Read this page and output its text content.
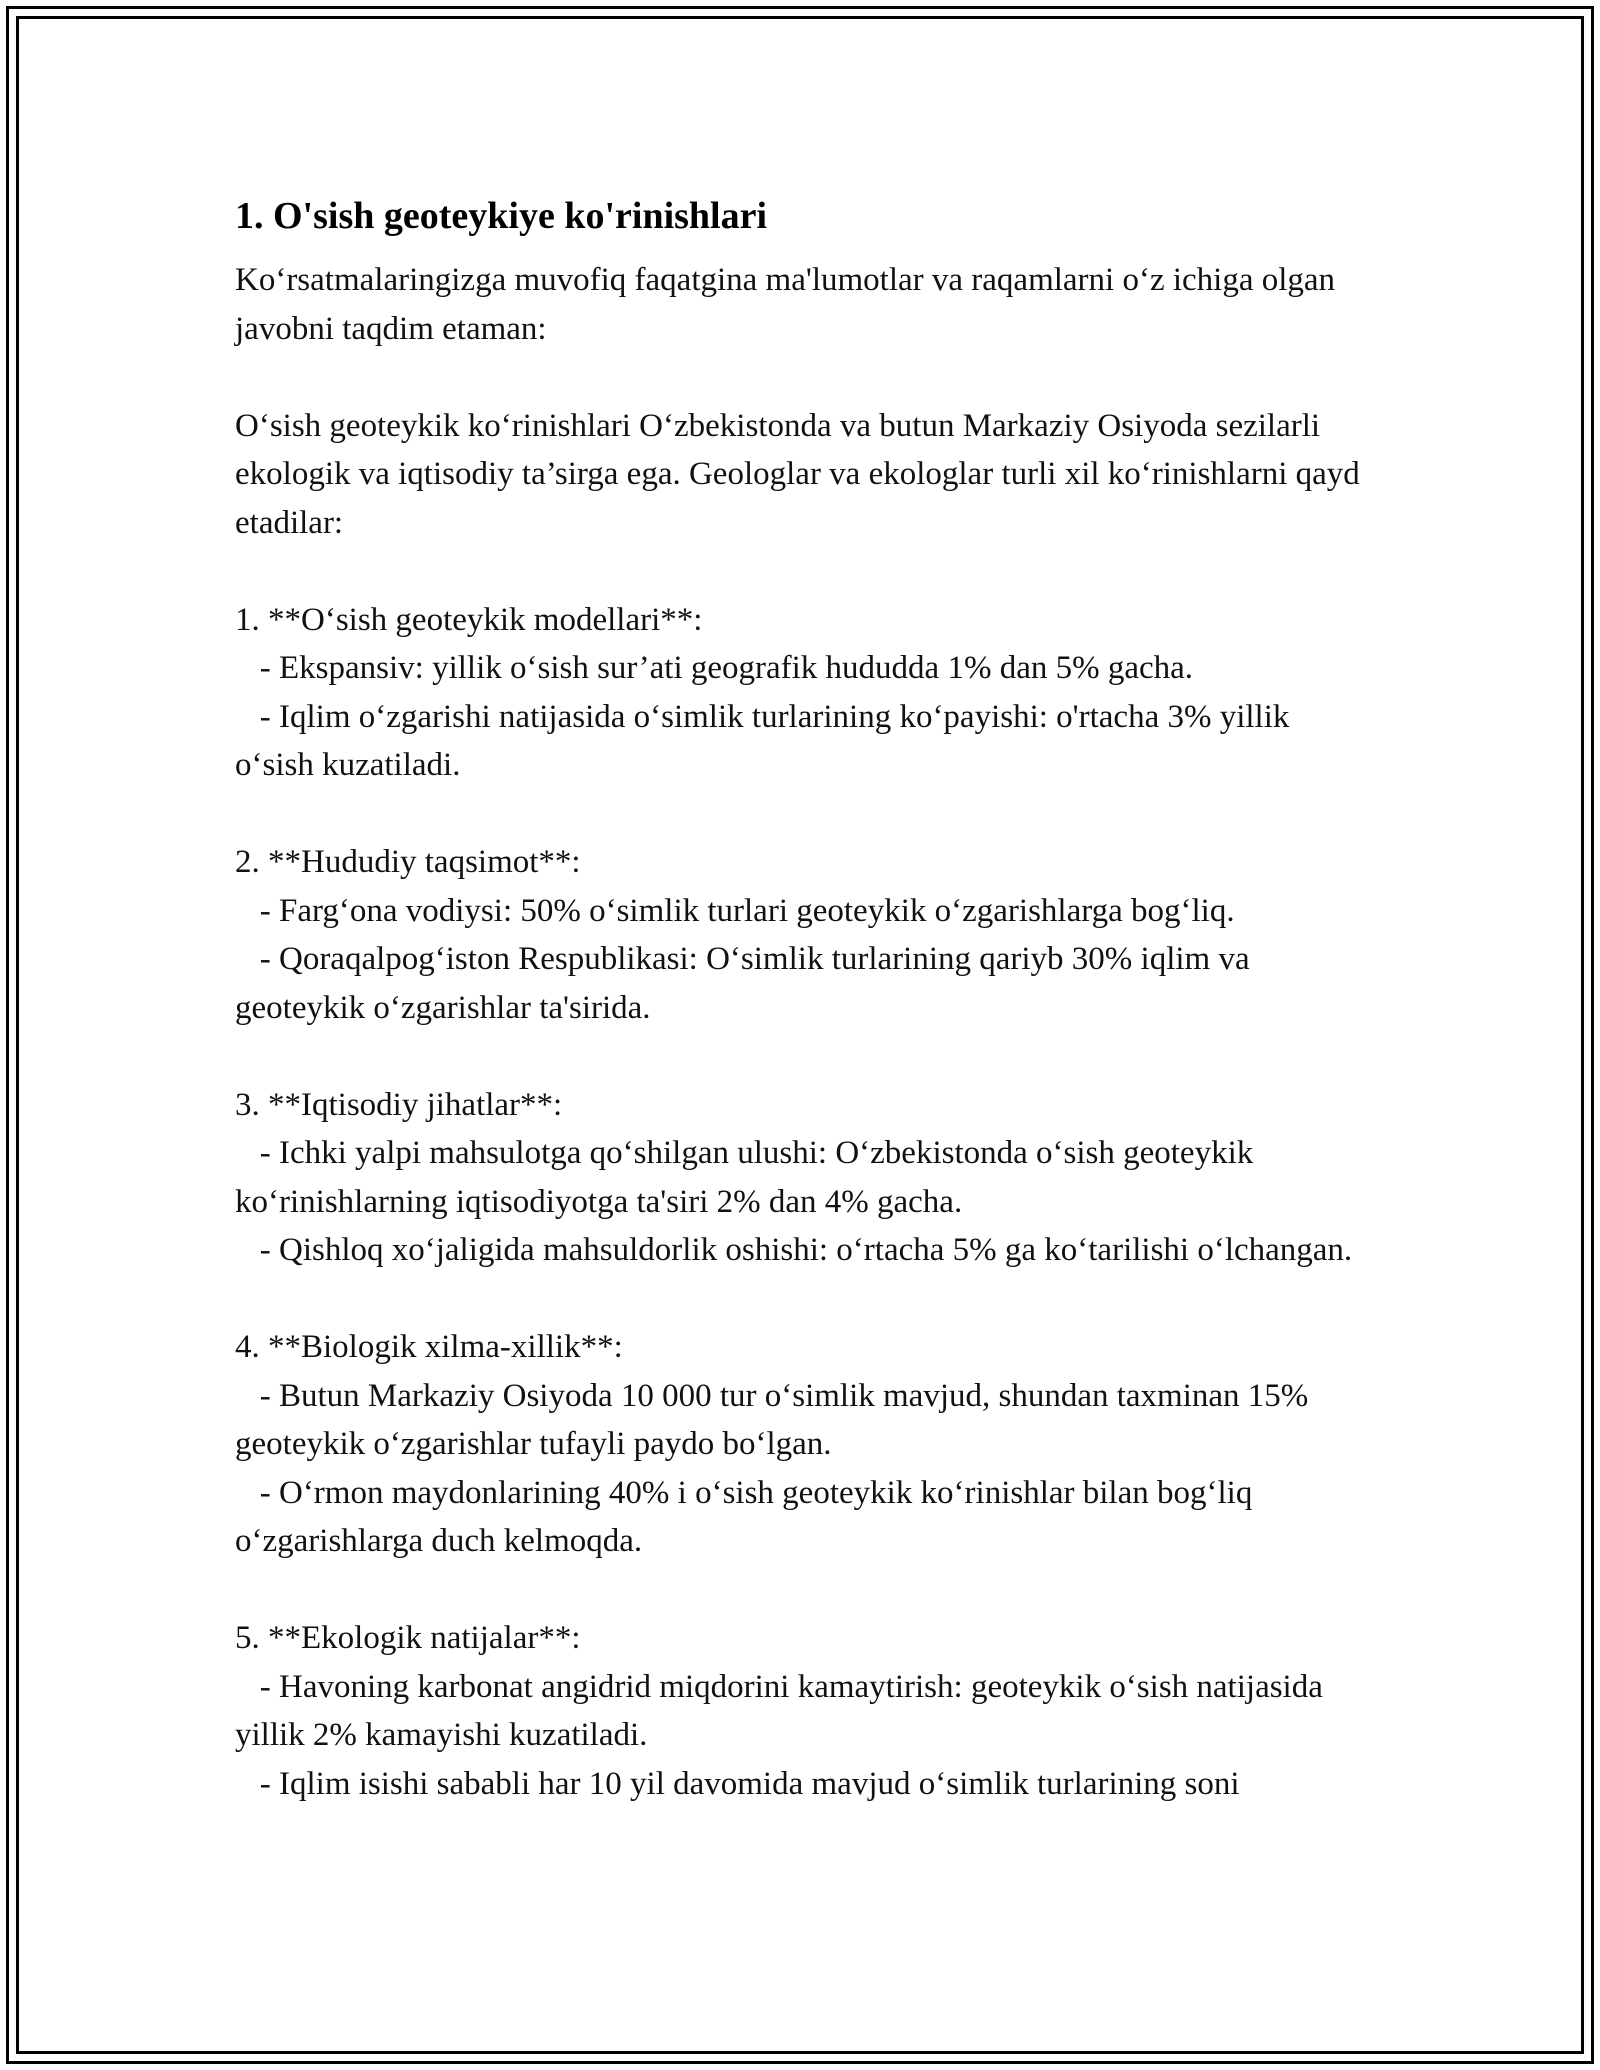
1. O'sish geoteykiye ko'rinishlari

Ko‘rsatmalaringizga muvofiq faqatgina ma'lumotlar va raqamlarni o‘z ichiga olgan javobni taqdim etaman:

O‘sish geoteykik ko‘rinishlari O‘zbekistonda va butun Markaziy Osiyoda sezilarli ekologik va iqtisodiy ta’sirga ega. Geologlar va ekologlar turli xil ko‘rinishlarni qayd etadilar:

1. **O‘sish geoteykik modellari**:

- Ekspansiv: yillik o‘sish sur’ati geografik hududda 1% dan 5% gacha.

- Iqlim o‘zgarishi natijasida o‘simlik turlarining ko‘payishi: o'rtacha 3% yillik o‘sish kuzatiladi.

2. **Hududiy taqsimot**:

- Farg‘ona vodiysi: 50% o‘simlik turlari geoteykik o‘zgarishlarga bog‘liq.

- Qoraqalpog‘iston Respublikasi: O‘simlik turlarining qariyb 30% iqlim va geoteykik o‘zgarishlar ta'sirida.

3. **Iqtisodiy jihatlar**:

- Ichki yalpi mahsulotga qo‘shilgan ulushi: O‘zbekistonda o‘sish geoteykik ko‘rinishlarning iqtisodiyotga ta'siri 2% dan 4% gacha.

- Qishloq xo‘jaligida mahsuldorlik oshishi: o‘rtacha 5% ga ko‘tarilishi o‘lchangan.

4. **Biologik xilma-xillik**:

- Butun Markaziy Osiyoda 10 000 tur o‘simlik mavjud, shundan taxminan 15% geoteykik o‘zgarishlar tufayli paydo bo‘lgan.

- O‘rmon maydonlarining 40% i o‘sish geoteykik ko‘rinishlar bilan bog‘liq o‘zgarishlarga duch kelmoqda.

5. **Ekologik natijalar**:

- Havoning karbonat angidrid miqdorini kamaytirish: geoteykik o‘sish natijasida yillik 2% kamayishi kuzatiladi.

- Iqlim isishi sababli har 10 yil davomida mavjud o‘simlik turlarining soni
